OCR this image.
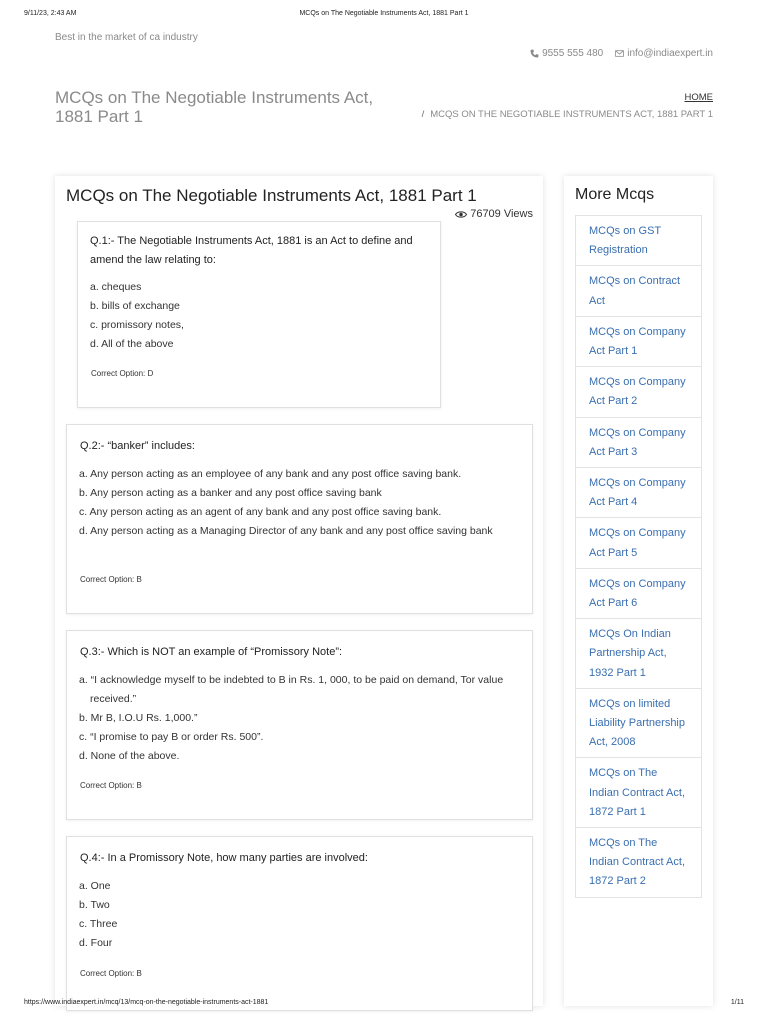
9/11/23, 2:43 AM	MCQs on The Negotiable Instruments Act, 1881 Part 1
Best in the market of ca industry
9555 555 480 info@indiaexpert.in
MCQs on The Negotiable Instruments Act, 1881 Part 1
HOME
/ MCQS ON THE NEGOTIABLE INSTRUMENTS ACT, 1881 PART 1
MCQs on The Negotiable Instruments Act, 1881 Part 1
76709 Views
Q.1:- The Negotiable Instruments Act, 1881 is an Act to define and amend the law relating to:
a. cheques
b. bills of exchange
c. promissory notes,
d. All of the above
Correct Option: D
Q.2:- “banker” includes:
a. Any person acting as an employee of any bank and any post office saving bank.
b. Any person acting as a banker and any post office saving bank
c. Any person acting as an agent of any bank and any post office saving bank.
d. Any person acting as a Managing Director of any bank and any post office saving bank
Correct Option: B
Q.3:- Which is NOT an example of “Promissory Note”:
a. “I acknowledge myself to be indebted to B in Rs. 1, 000, to be paid on demand, Tor value received.”
b. Mr B, I.O.U Rs. 1,000.”
c. “I promise to pay B or order Rs. 500”.
d. None of the above.
Correct Option: B
Q.4:- In a Promissory Note, how many parties are involved:
a. One
b. Two
c. Three
d. Four
Correct Option: B
More Mcqs
MCQs on GST Registration
MCQs on Contract Act
MCQs on Company Act Part 1
MCQs on Company Act Part 2
MCQs on Company Act Part 3
MCQs on Company Act Part 4
MCQs on Company Act Part 5
MCQs on Company Act Part 6
MCQs On Indian Partnership Act, 1932 Part 1
MCQs on limited Liability Partnership Act, 2008
MCQs on The Indian Contract Act, 1872 Part 1
MCQs on The Indian Contract Act, 1872 Part 2
https://www.indiaexpert.in/mcq/13/mcq-on-the-negotiable-instruments-act-1881	1/11
